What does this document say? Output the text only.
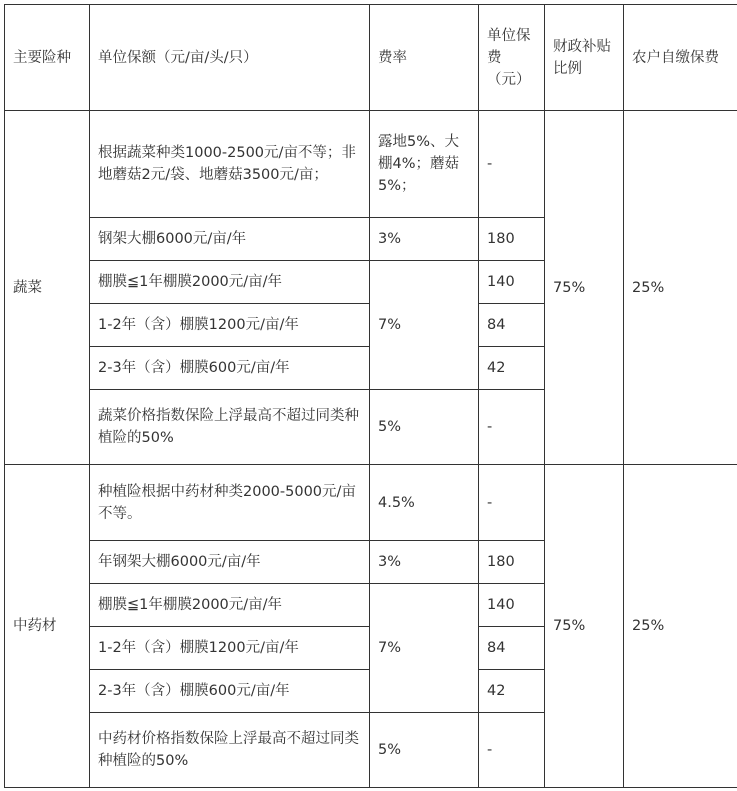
主要险种	单位保额（元/亩/头/只）	费率	单位保费（元）	财政补贴比例	农户自缴保费
蔬菜	根据蔬菜种类1000-2500元/亩不等；非地蘑菇2元/袋、地蘑菇3500元/亩；	露地5%、大棚4%；蘑菇5%；	-	75%	25%
	钢架大棚6000元/亩/年	3%	180		
	棚膜≦1年棚膜2000元/亩/年	7%	140		
	1-2年（含）棚膜1200元/亩/年		84		
	2-3年（含）棚膜600元/亩/年		42		
	蔬菜价格指数保险上浮最高不超过同类种植险的50%	5%	-		
中药材	种植险根据中药材种类2000-5000元/亩不等。	4.5%	-	75%	25%
	年钢架大棚6000元/亩/年	3%	180		
	棚膜≦1年棚膜2000元/亩/年	7%	140		
	1-2年（含）棚膜1200元/亩/年		84		
	2-3年（含）棚膜600元/亩/年		42		
	中药材价格指数保险上浮最高不超过同类种植险的50%	5%	-		
